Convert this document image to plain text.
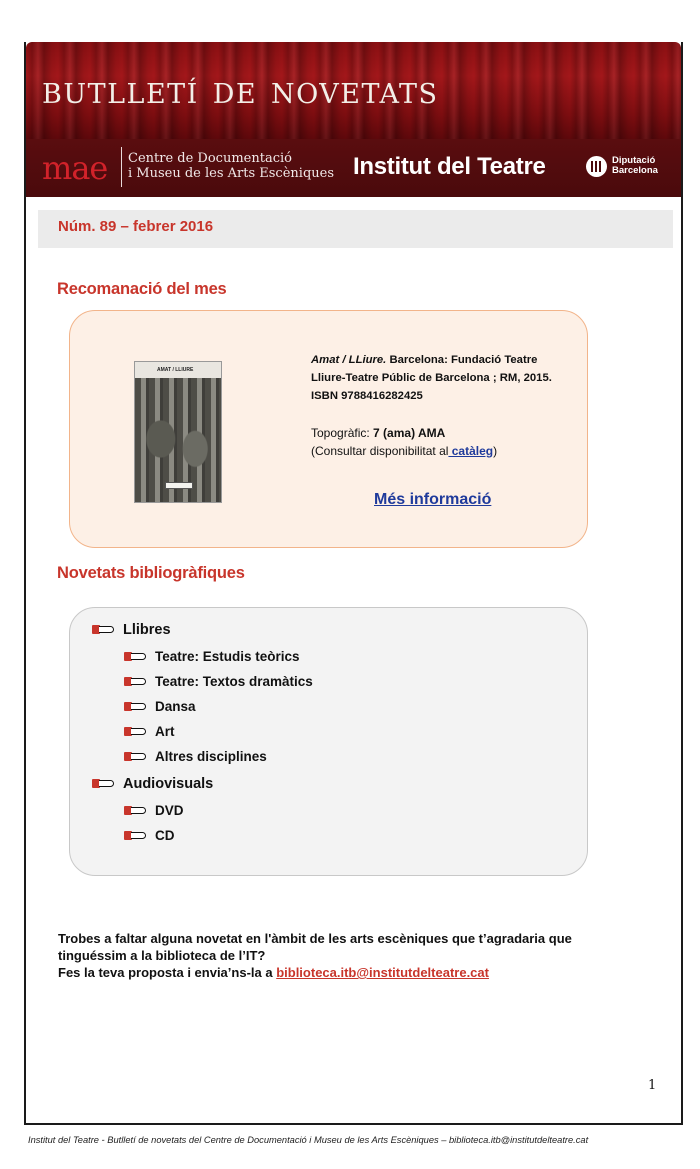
butlletí de novetats
mae Centre de Documentació
i Museu de les Arts Escèniques Institut del Teatre	Diputació
Barcelona
Núm. 89 – febrer 2016
Recomanació del mes
AMAT / LLIURE
Amat / LLiure. Barcelona: Fundació Teatre Lliure-Teatre Públic de Barcelona ; RM, 2015. ISBN 9788416282425
Topogràfic: 7 (ama) AMA
(Consultar disponibilitat al catàleg)
Més informació
Novetats bibliogràfiques
Llibres
Teatre: Estudis teòrics
Teatre: Textos dramàtics
Dansa
Art
Altres disciplines
Audiovisuals
DVD
CD
Trobes a faltar alguna novetat en l'àmbit de les arts escèniques que t’agradaria que tinguéssim a la biblioteca de l’IT?
Fes la teva proposta i envia’ns-la a biblioteca.itb@institutdelteatre.cat
1
Institut del Teatre - Butlletí de novetats del Centre de Documentació i Museu de les Arts Escèniques – biblioteca.itb@institutdelteatre.cat
